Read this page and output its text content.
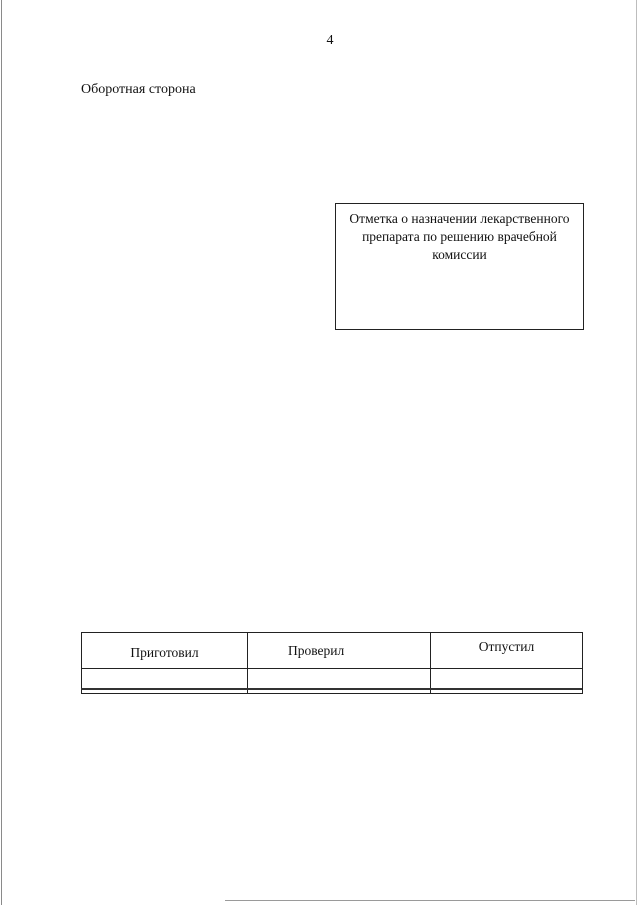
4
Оборотная сторона
Отметка о назначении лекарственного
препарата по решению врачебной комиссии
Приготовил	Проверил	Отпустил
